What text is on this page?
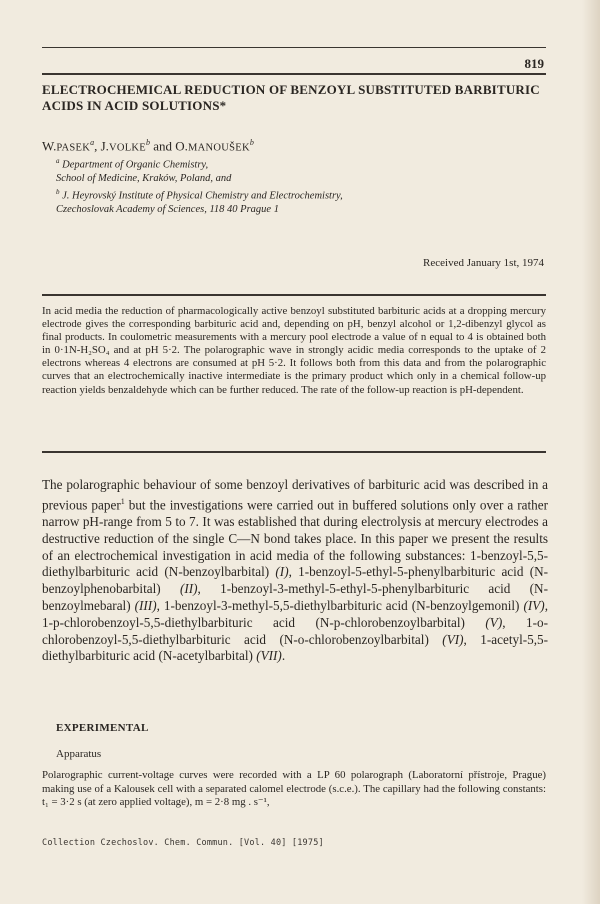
819
ELECTROCHEMICAL REDUCTION OF BENZOYL SUBSTITUTED BARBITURIC ACIDS IN ACID SOLUTIONS*
W.PASEK$^a$, J.VOLKE$^b$ and O.MANOUŠEK$^b$
$^a$ Department of Organic Chemistry,
School of Medicine, Kraków, Poland, and
$^b$ J. Heyrovský Institute of Physical Chemistry and Electrochemistry,
Czechoslovak Academy of Sciences, 118 40 Prague 1
Received January 1st, 1974
In acid media the reduction of pharmacologically active benzoyl substituted barbituric acids at a dropping mercury electrode gives the corresponding barbituric acid and, depending on pH, benzyl alcohol or 1,2-dibenzyl glycol as final products. In coulometric measurements with a mercury pool electrode a value of n equal to 4 is obtained both in 0·1N-H₂SO₄ and at pH 5·2. The polarographic wave in strongly acidic media corresponds to the uptake of 2 electrons whereas 4 electrons are consumed at pH 5·2. It follows both from this data and from the polarographic curves that an electrochemically inactive intermediate is the primary product which only in a chemical follow-up reaction yields benzaldehyde which can be further reduced. The rate of the follow-up reaction is pH-dependent.
The polarographic behaviour of some benzoyl derivatives of barbituric acid was described in a previous paper$^1$ but the investigations were carried out in buffered solutions only over a rather narrow pH-range from 5 to 7. It was established that during electrolysis at mercury electrodes a destructive reduction of the single C—N bond takes place. In this paper we present the results of an electrochemical investigation in acid media of the following substances: 1-benzoyl-5,5-diethylbarbituric acid (N-benzoylbarbital) (I), 1-benzoyl-5-ethyl-5-phenylbarbituric acid (N-benzoylphenobarbital) (II), 1-benzoyl-3-methyl-5-ethyl-5-phenylbarbituric acid (N-benzoylmebaral) (III), 1-benzoyl-3-methyl-5,5-diethylbarbituric acid (N-benzoylgemonil) (IV), 1-p-chlorobenzoyl-5,5-diethylbarbituric acid (N-p-chlorobenzoylbarbital) (V), 1-o-chlorobenzoyl-5,5-diethylbarbituric acid (N-o-chlorobenzoylbarbital) (VI), 1-acetyl-5,5-diethylbarbituric acid (N-acetylbarbital) (VII).
EXPERIMENTAL
Apparatus
Polarographic current-voltage curves were recorded with a LP 60 polarograph (Laboratorní přístroje, Prague) making use of a Kalousek cell with a separated calomel electrode (s.c.e.). The capillary had the following constants: t₁ = 3·2 s (at zero applied voltage), m = 2·8 mg . s⁻¹,
Collection Czechoslov. Chem. Commun. [Vol. 40] [1975]
